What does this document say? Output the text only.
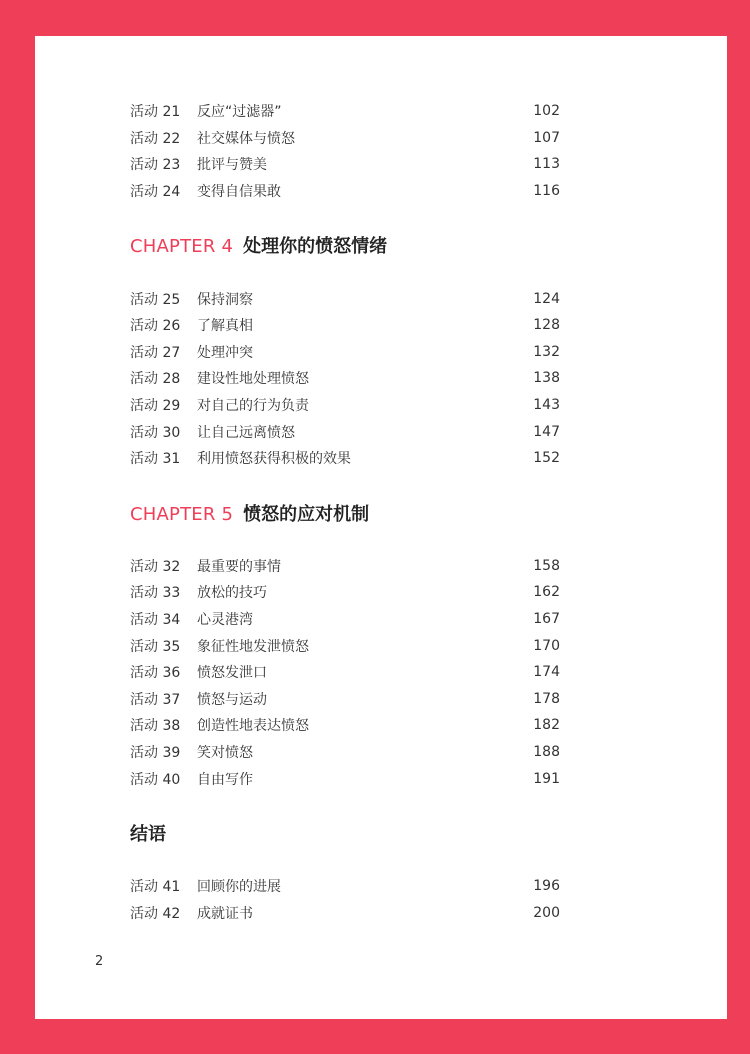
活动 21	反应“过滤器”	102
活动 22	社交媒体与愤怒	107
活动 23	批评与赞美	113
活动 24	变得自信果敢	116
CHAPTER 4 处理你的愤怒情绪
活动 25	保持洞察	124
活动 26	了解真相	128
活动 27	处理冲突	132
活动 28	建设性地处理愤怒	138
活动 29	对自己的行为负责	143
活动 30	让自己远离愤怒	147
活动 31	利用愤怒获得积极的效果	152
CHAPTER 5 愤怒的应对机制
活动 32	最重要的事情	158
活动 33	放松的技巧	162
活动 34	心灵港湾	167
活动 35	象征性地发泄愤怒	170
活动 36	愤怒发泄口	174
活动 37	愤怒与运动	178
活动 38	创造性地表达愤怒	182
活动 39	笑对愤怒	188
活动 40	自由写作	191
结语
活动 41	回顾你的进展	196
活动 42	成就证书	200
2
